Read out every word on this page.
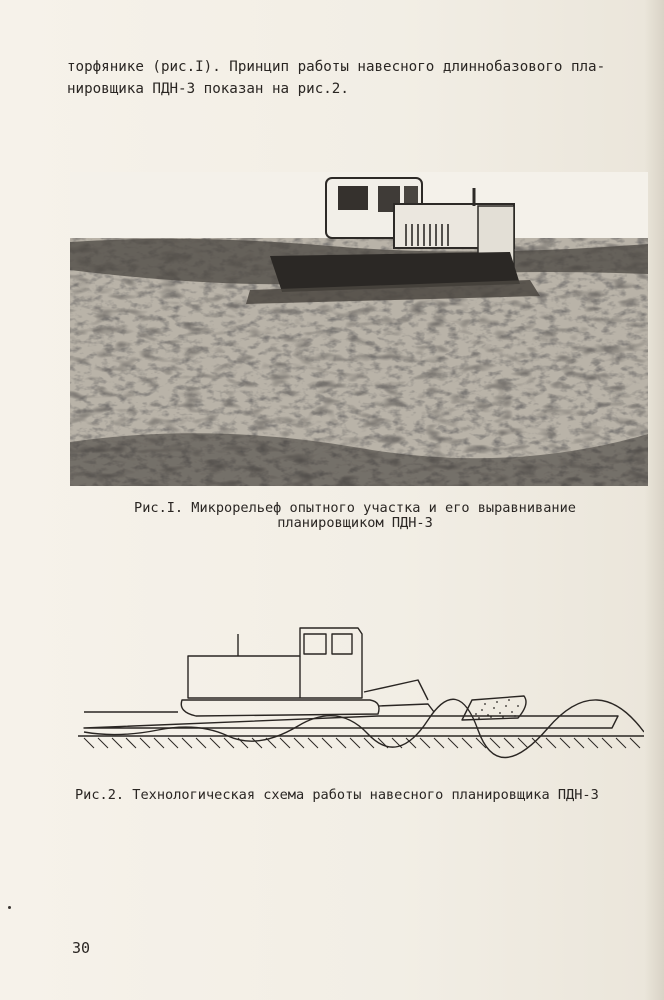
торфянике (рис.I). Принцип работы навесного длиннобазового пла-
нировщика ПДН-3 показан на рис.2.
Рис.I. Микрорельеф опытного участка и его выравнивание
планировщиком ПДН-3
Рис.2. Технологическая схема работы навесного планировщика ПДН-3
30
